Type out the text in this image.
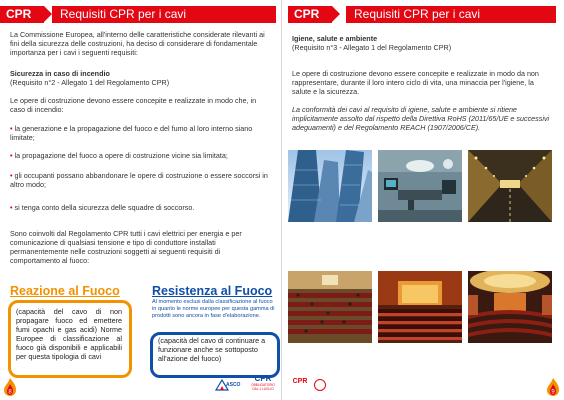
CPR	Requisiti CPR per i cavi
La Commissione Europea, all'interno delle caratteristiche considerate rilevanti ai fini della sicurezza delle costruzioni, ha deciso di considerare di fondamentale importanza per i cavi i seguenti requisiti:
Sicurezza in caso di incendio
(Requisito n°2 - Allegato 1 del Regolamento CPR)
Le opere di costruzione devono essere concepite e realizzate in modo che, in caso di incendio:
• la generazione e la propagazione del fuoco e del fumo al loro interno siano limitate;
• la propagazione del fuoco a opere di costruzione vicine sia limitata;
• gli occupanti possano abbandonare le opere di costruzione o essere soccorsi in altro modo;
• si tenga conto della sicurezza delle squadre di soccorso.
Sono coinvolti dal Regolamento CPR tutti i cavi elettrici per energia e per comunicazione di qualsiasi tensione e tipo di conduttore installati permanentemente nelle costruzioni soggetti ai seguenti requisiti di comportamento al fuoco:
Reazione al Fuoco
(capacità del cavo di non propagare fuoco ed emettere fumi opachi e gas acidi) Norme Europee di classificazione al fuoco già disponibili e applicabili per questa tipologia di cavi
Resistenza al Fuoco
Al momento esclusi dalla classificazione al fuoco in quanto le norme europee per questa gamma di prodotti sono ancora in fase d'elaborazione.
(capacità del cavo di continuare a funzionare anche se sottoposto all'azione del fuoco)
8
CPR	Requisiti CPR per i cavi
Igiene, salute e ambiente
(Requisito n°3 - Allegato 1 del Regolamento CPR)
Le opere di costruzione devono essere concepite e realizzate in modo da non rappresentare, durante il loro intero ciclo di vita, una minaccia per l'igiene, la salute e la sicurezza.
La conformità dei cavi al requisito di igiene, salute e ambiente si ritiene implicitamente assolto dal rispetto della Direttiva RoHS (2011/65/UE e successivi adeguamenti) e del Regolamento REACH (1907/2006/CE).
CPR
9
ASCO
CPR
OBBLIGATORIO DAL 1 LUGLIO
